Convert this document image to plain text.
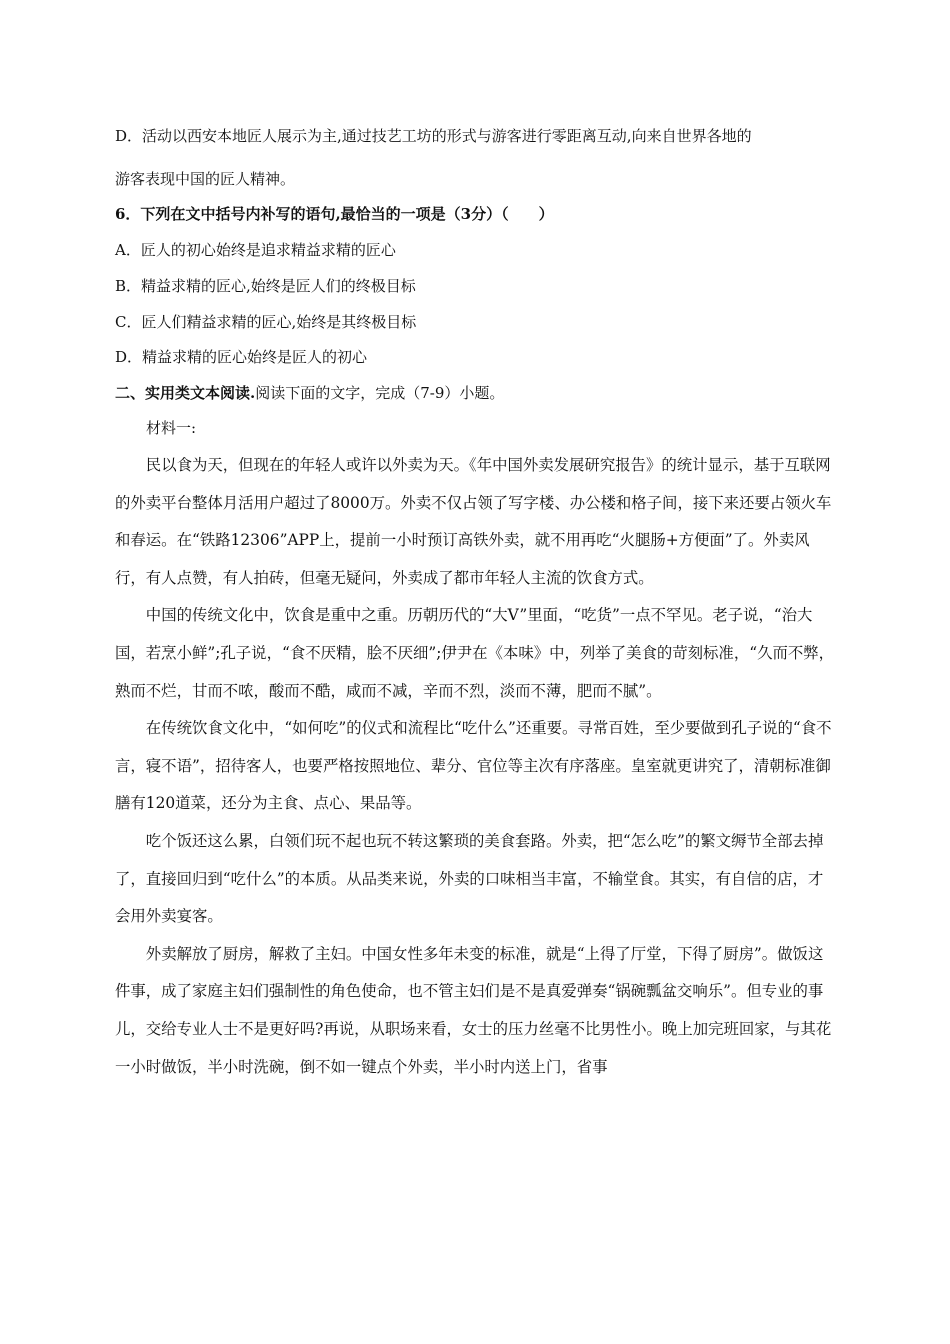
D．活动以西安本地匠人展示为主,通过技艺工坊的形式与游客进行零距离互动,向来自世界各地的
游客表现中国的匠人精神。
6．下列在文中括号内补写的语句,最恰当的一项是（3分）（　　）
A．匠人的初心始终是追求精益求精的匠心
B．精益求精的匠心,始终是匠人们的终极目标
C．匠人们精益求精的匠心,始终是其终极目标
D．精益求精的匠心始终是匠人的初心
二、实用类文本阅读.阅读下面的文字，完成（7-9）小题。
材料一:

民以食为天，但现在的年轻人或许以外卖为天。《年中国外卖发展研究报告》的统计显示，基于互联网的外卖平台整体月活用户超过了8000万。外卖不仅占领了写字楼、办公楼和格子间，接下来还要占领火车和春运。在“铁路12306”APP上，提前一小时预订高铁外卖，就不用再吃“火腿肠+方便面”了。外卖风行，有人点赞，有人拍砖，但毫无疑问，外卖成了都市年轻人主流的饮食方式。

中国的传统文化中，饮食是重中之重。历朝历代的“大V”里面，“吃货”一点不罕见。老子说，“治大国，若烹小鲜”;孔子说，“食不厌精，脍不厌细”;伊尹在《本味》中，列举了美食的苛刻标准，“久而不弊，熟而不烂，甘而不哝，酸而不酷，咸而不减，辛而不烈，淡而不薄，肥而不腻”。

在传统饮食文化中，“如何吃”的仪式和流程比“吃什么”还重要。寻常百姓，至少要做到孔子说的“食不言，寝不语”，招待客人，也要严格按照地位、辈分、官位等主次有序落座。皇室就更讲究了，清朝标准御膳有120道菜，还分为主食、点心、果品等。

吃个饭还这么累，白领们玩不起也玩不转这繁琐的美食套路。外卖，把“怎么吃”的繁文缛节全部去掉了，直接回归到“吃什么”的本质。从品类来说，外卖的口味相当丰富，不输堂食。其实，有自信的店，才会用外卖宴客。

外卖解放了厨房，解救了主妇。中国女性多年未变的标准，就是“上得了厅堂，下得了厨房”。做饭这件事，成了家庭主妇们强制性的角色使命，也不管主妇们是不是真爱弹奏“锅碗瓢盆交响乐”。但专业的事儿，交给专业人士不是更好吗?再说，从职场来看，女士的压力丝毫不比男性小。晚上加完班回家，与其花一小时做饭，半小时洗碗，倒不如一键点个外卖，半小时内送上门，省事
